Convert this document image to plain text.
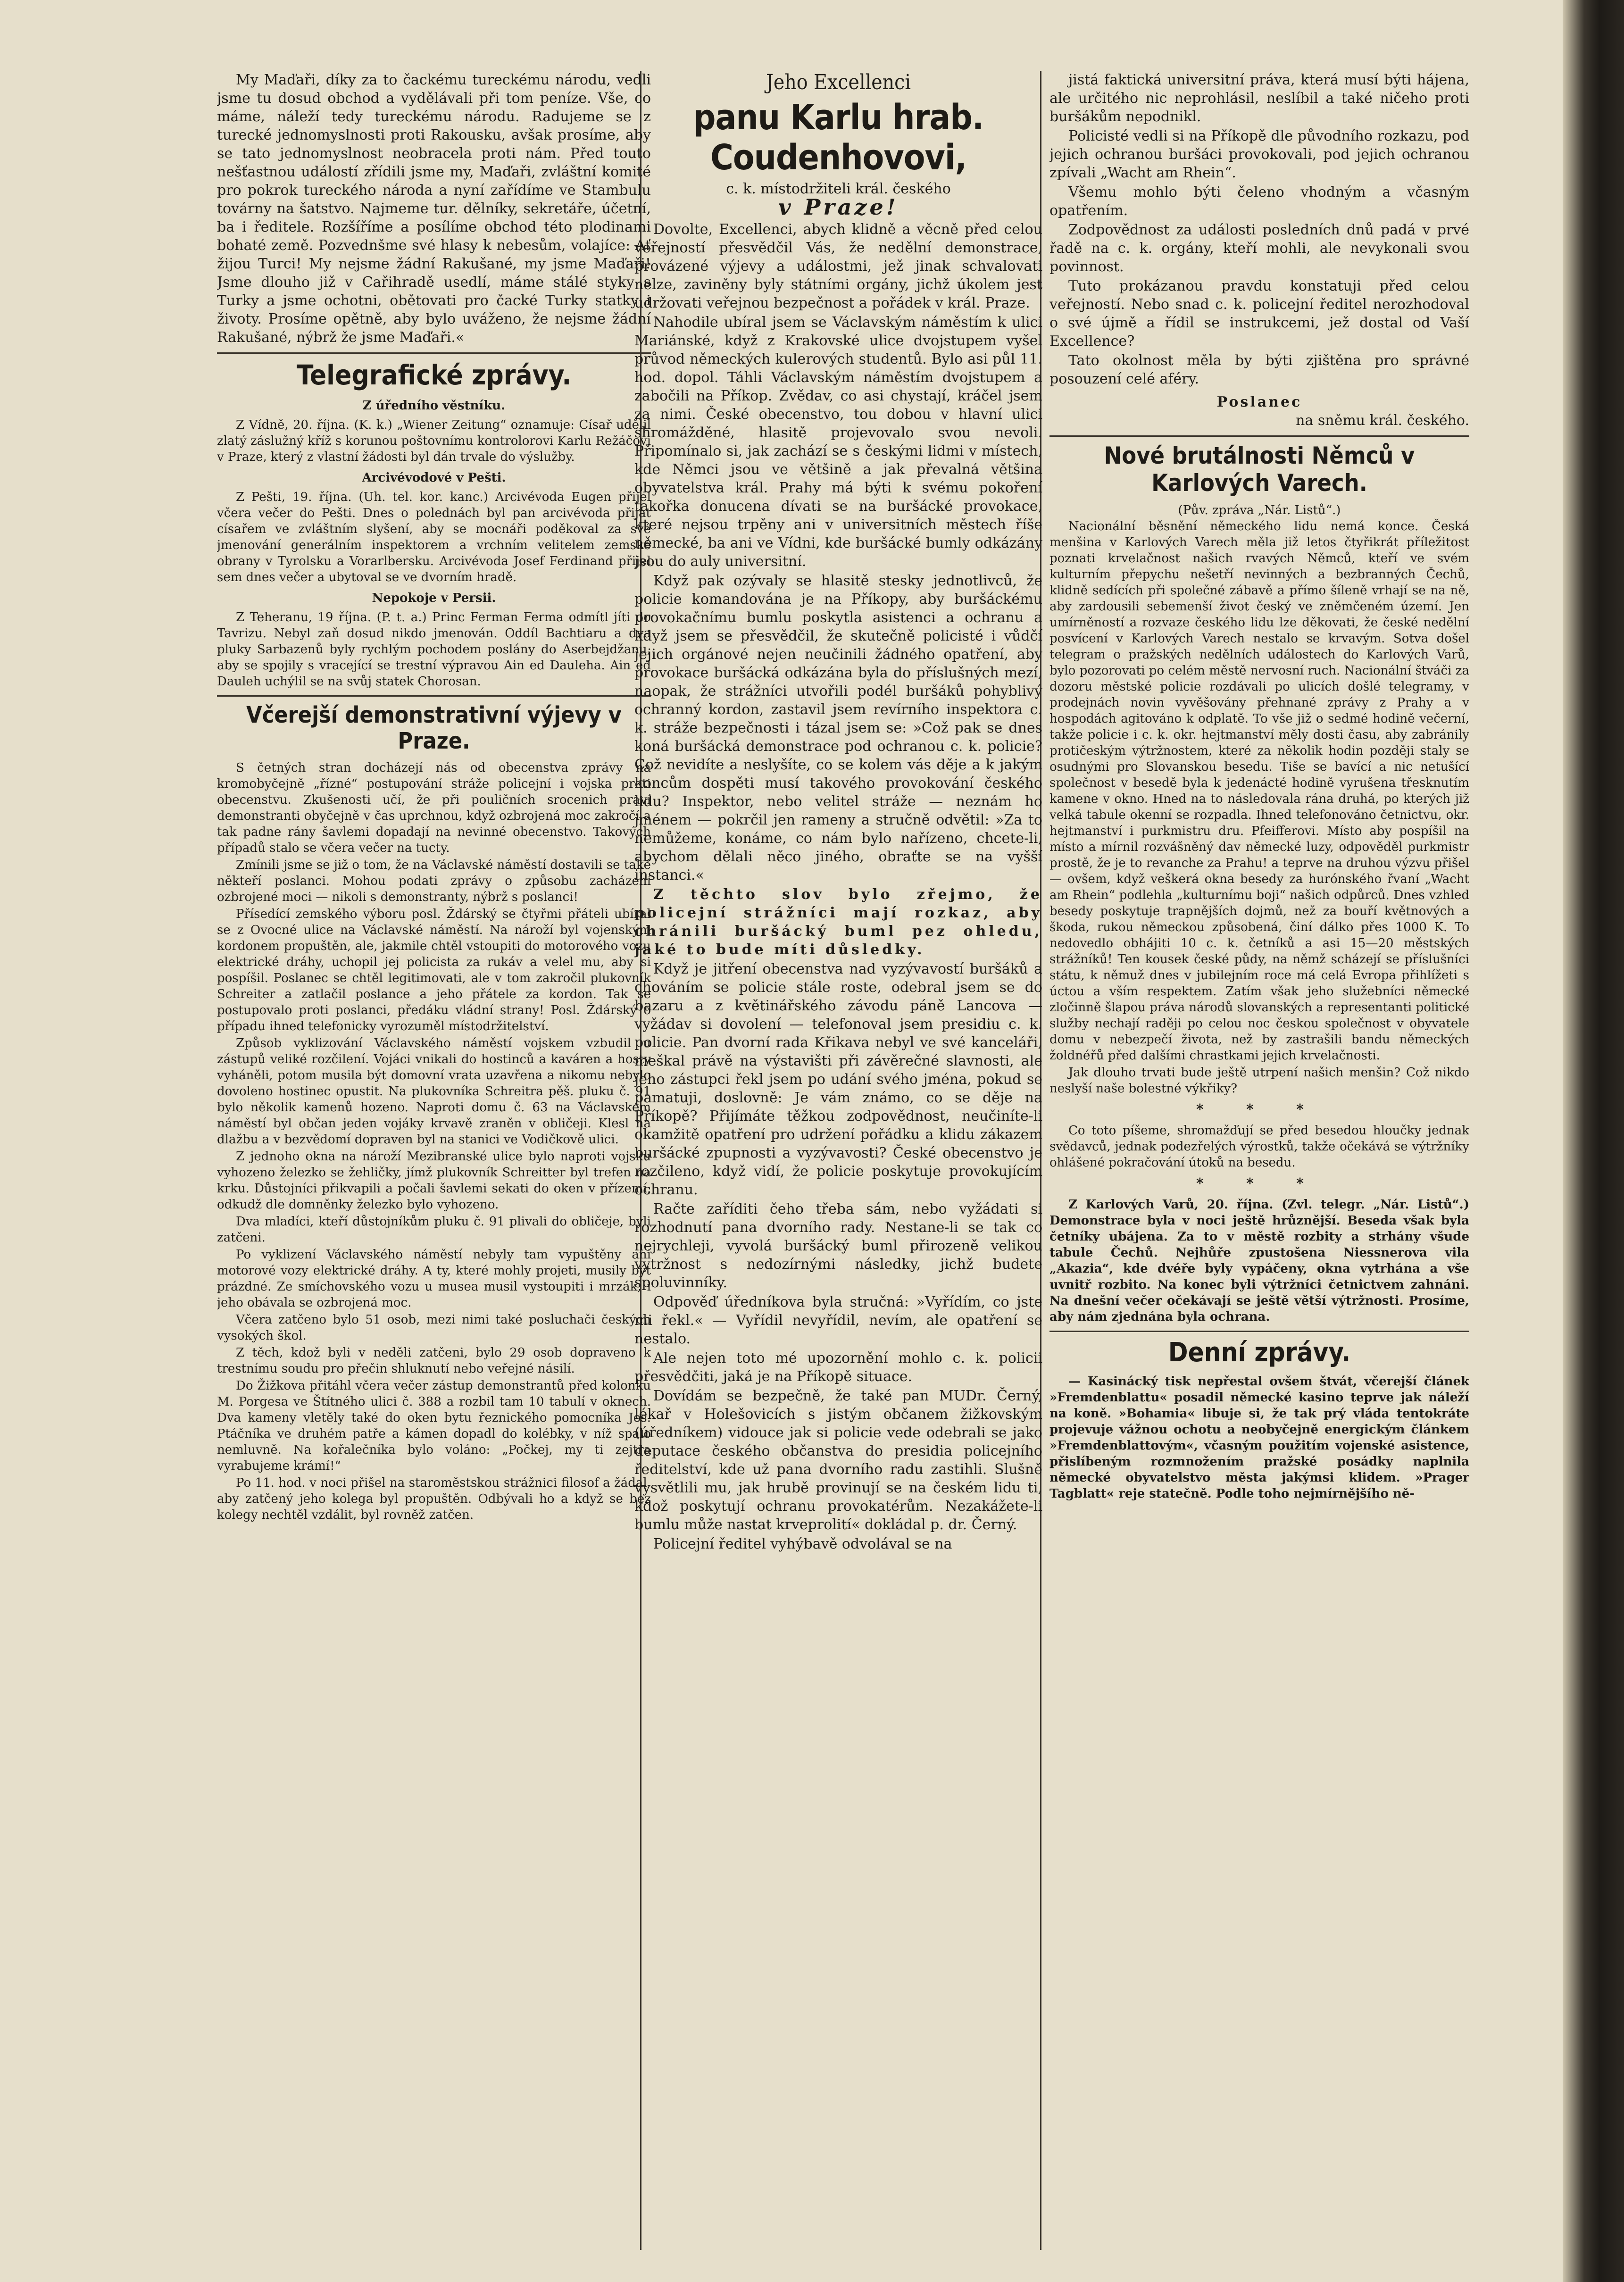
My Maďaři, díky za to čackému tureckému národu, vedli jsme tu dosud obchod a vydělávali při tom peníze. Vše, co máme, náleží tedy tureckému národu. Radujeme se z turecké jednomyslnosti proti Rakousku, avšak prosíme, aby se tato jednomyslnost neobracela proti nám. Před touto nešťastnou událostí zřídili jsme my, Maďaři, zvláštní komité pro pokrok tureckého národa a nyní zařídíme ve Stambulu továrny na šatstvo. Najmeme tur. dělníky, sekretáře, účetní, ba i ředitele. Rozšíříme a posílíme obchod této plodinami bohaté země. Pozvednšme své hlasy k nebesům, volajíce: Ať žijou Turci! My nejsme žádní Rakušané, my jsme Maďaři! Jsme dlouho již v Cařihradě usedlí, máme stálé styky s Turky a jsme ochotni, obětovati pro čacké Turky statky i životy. Prosíme opětně, aby bylo uváženo, že nejsme žádní Rakušané, nýbrž že jsme Maďaři.«

Telegrafické zprávy.
Z úředního věstníku.

Z Vídně, 20. října. (K. k.) „Wiener Zeitung“ oznamuje: Císař udělil zlatý záslužný kříž s korunou poštovnímu kontrolorovi Karlu Režáčovi v Praze, který z vlastní žádosti byl dán trvale do výslužby.

Arcivévodové v Pešti.

Z Pešti, 19. října. (Uh. tel. kor. kanc.) Arcivévoda Eugen přijel včera večer do Pešti. Dnes o polednách byl pan arcivévoda přijat císařem ve zvláštním slyšení, aby se mocnáři poděkoval za své jmenování generálním inspektorem a vrchním velitelem zemské obrany v Tyrolsku a Vorarlbersku. Arcivévoda Josef Ferdinand přijel sem dnes večer a ubytoval se ve dvorním hradě.

Nepokoje v Persii.

Z Teheranu, 19 října. (P. t. a.) Princ Ferman Ferma odmítl jíti do Tavrizu. Nebyl zaň dosud nikdo jmenován. Oddíl Bachtiaru a dva pluky Sarbazenů byly rychlým pochodem poslány do Aserbejdžanu, aby se spojily s vracející se trestní výpravou Ain ed Dauleha. Ain ed Dauleh uchýlil se na svůj statek Chorosan.

Včerejší demonstrativní výjevy v Praze.

S četných stran docházejí nás od obecenstva zprávy na kromobyčejně „řízné“ postupování stráže policejní i vojska proti obecenstvu. Zkušenosti učí, že při pouličních srocenich praví demonstranti obyčejně v čas uprchnou, když ozbrojená moc zakročí a tak padne rány šavlemi dopadají na nevinné obecenstvo. Takových případů stalo se včera večer na tucty.

Zmínili jsme se již o tom, že na Václavské náměstí dostavili se také někteří poslanci. Mohou podati zprávy o způsobu zacházení ozbrojené moci — nikoli s demonstranty, nýbrž s poslanci!

Přísedící zemského výboru posl. Ždárský se čtyřmi přáteli ubíral se z Ovocné ulice na Václavské náměstí. Na nároží byl vojenským kordonem propuštěn, ale, jakmile chtěl vstoupiti do motorového vozu elektrické dráhy, uchopil jej policista za rukáv a velel mu, aby si pospíšil. Poslanec se chtěl legitimovati, ale v tom zakročil plukovník Schreiter a zatlačil poslance a jeho přátele za kordon. Tak se postupovalo proti poslanci, předáku vládní strany! Posl. Ždárský o případu ihned telefonicky vyrozuměl místodržitelství.

Způsob vyklizování Václavského náměstí vojskem vzbudil u zástupů veliké rozčilení. Vojáci vnikali do hostinců a kaváren a hosty vyháněli, potom musila být domovní vrata uzavřena a nikomu nebylo dovoleno hostinec opustit. Na plukovníka Schreitra pěš. pluku č. 91 bylo několik kamenů hozeno. Naproti domu č. 63 na Václavském náměstí byl občan jeden vojáky krvavě zraněn v obličeji. Klesl na dlažbu a v bezvědomí dopraven byl na stanici ve Vodičkově ulici.

Z jednoho okna na nároží Mezibranské ulice bylo naproti vojsku vyhozeno železko se žehličky, jímž plukovník Schreitter byl trefen na krku. Důstojníci přikvapili a počali šavlemi sekati do oken v přízemí, odkudž dle domněnky železko bylo vyhozeno.

Dva mladíci, kteří důstojníkům pluku č. 91 plivali do obličeje, byli zatčeni.

Po vyklizení Václavského náměstí nebyly tam vypuštěny ani motorové vozy elektrické dráhy. A ty, které mohly projeti, musily být prázdné. Ze smíchovského vozu u musea musil vystoupiti i mrzák; i jeho obávala se ozbrojená moc.

Včera zatčeno bylo 51 osob, mezi nimi také posluchači českých vysokých škol.

Z těch, kdož byli v neděli zatčeni, bylo 29 osob dopraveno k trestnímu soudu pro přečin shluknutí nebo veřejné násilí.

Do Žižkova přitáhl včera večer zástup demonstrantů před kolonku M. Porgesa ve Štítného ulici č. 388 a rozbil tam 10 tabulí v oknech. Dva kameny vletěly také do oken bytu řeznického pomocníka Jos. Ptáčníka ve druhém patře a kámen dopadl do kolébky, v níž spalo nemluvně. Na kořalečníka bylo voláno: „Počkej, my ti zejtra vyrabujeme krámí!“

Po 11. hod. v noci přišel na staroměstskou strážnici filosof a žádal, aby zatčený jeho kolega byl propuštěn. Odbývali ho a když se bez kolegy nechtěl vzdálit, byl rovněž zatčen.

Jeho Excellenci
panu Karlu hrab. Coudenhovovi,
c. k. místodržiteli král. českého
v Praze!

Dovolte, Excellenci, abych klidně a věcně před celou veřejností přesvědčil Vás, že nedělní demonstrace, provázené výjevy a událostmi, jež jinak schvalovati nelze, zaviněny byly státními orgány, jichž úkolem jest udržovati veřejnou bezpečnost a pořádek v král. Praze.

Nahodile ubíral jsem se Václavským náměstím k ulici Mariánské, když z Krakovské ulice dvojstupem vyšel průvod německých kulerových studentů. Bylo asi půl 11. hod. dopol. Táhli Václavským náměstím dvojstupem a zabočili na Příkop. Zvědav, co asi chystají, kráčel jsem za nimi. České obecenstvo, tou dobou v hlavní ulici shromážděné, hlasitě projevovalo svou nevoli. Připomínalo si, jak zachází se s českými lidmi v místech, kde Němci jsou ve většině a jak převalná většina obyvatelstva král. Prahy má býti k svému pokoření takořka donucena dívati se na buršácké provokace, které nejsou trpěny ani v universitních městech říše německé, ba ani ve Vídni, kde buršácké bumly odkázány jsou do auly universitní.

Když pak ozývaly se hlasitě stesky jednotlivců, že policie komandována je na Příkopy, aby buršáckému provokačnímu bumlu poskytla asistenci a ochranu a když jsem se přesvědčil, že skutečně policisté i vůdčí jejich orgánové nejen neučinili žádného opatření, aby provokace buršácká odkázána byla do příslušných mezí, naopak, že strážníci utvořili podél buršáků pohyblivý ochranný kordon, zastavil jsem revírního inspektora c. k. stráže bezpečnosti i tázal jsem se: »Což pak se dnes koná buršácká demonstrace pod ochranou c. k. policie? Což nevidíte a neslyšíte, co se kolem vás děje a k jakým koncům dospěti musí takového provokování českého lidu? Inspektor, nebo velitel stráže — neznám ho jménem — pokrčil jen rameny a stručně odvětil: »Za to nemůžeme, konáme, co nám bylo nařízeno, chcete-li, abychom dělali něco jiného, obraťte se na vyšší instanci.«

Z těchto slov bylo zřejmo, že policejní strážníci mají rozkaz, aby chránili buršácký buml pez ohledu, jaké to bude míti důsledky.

Když je jitření obecenstva nad vyzývavostí buršáků a chováním se policie stále roste, odebral jsem se do bazaru a z květinářského závodu páně Lancova — vyžádav si dovolení — telefonoval jsem presidiu c. k. policie. Pan dvorní rada Křikava nebyl ve své kanceláři, meškal právě na výstavišti při závěrečné slavnosti, ale jeho zástupci řekl jsem po udání svého jména, pokud se pamatuji, doslovně: Je vám známo, co se děje na Příkopě? Přijímáte těžkou zodpovědnost, neučiníte-li okamžitě opatření pro udržení pořádku a klidu zákazem buršácké zpupnosti a vyzývavosti? České obecenstvo je rozčileno, když vidí, že policie poskytuje provokujícím ochranu.

Račte zaříditi čeho třeba sám, nebo vyžádati si rozhodnutí pana dvorního rady. Nestane-li se tak co nejrychleji, vyvolá buršácký buml přirozeně velikou vytržnost s nedozírnými následky, jichž budete spoluvinníky.

Odpověď úředníkova byla stručná: »Vyřídím, co jste mi řekl.« — Vyřídil nevyřídil, nevím, ale opatření se nestalo.

Ale nejen toto mé upozornění mohlo c. k. policii přesvědčiti, jaká je na Příkopě situace.

Dovídám se bezpečně, že také pan MUDr. Černý, lékař v Holešovicích s jistým občanem žižkovským (úředníkem) vidouce jak si policie vede odebrali se jako deputace českého občanstva do presidia policejního ředitelství, kde už pana dvorního radu zastihli. Slušně vysvětlili mu, jak hrubě provinují se na českém lidu ti, kdož poskytují ochranu provokatérům. Nezakážete-li bumlu může nastat krveprolití« dokládal p. dr. Černý.

Policejní ředitel vyhýbavě odvolával se na

jistá faktická universitní práva, která musí býti hájena, ale určitého nic neprohlásil, neslíbil a také ničeho proti buršákům nepodnikl.

Policisté vedli si na Příkopě dle původního rozkazu, pod jejich ochranou buršáci provokovali, pod jejich ochranou zpívali „Wacht am Rhein“.

Všemu mohlo býti čeleno vhodným a včasným opatřením.

Zodpovědnost za události posledních dnů padá v prvé řadě na c. k. orgány, kteří mohli, ale nevykonali svou povinnost.

Tuto prokázanou pravdu konstatuji před celou veřejností. Nebo snad c. k. policejní ředitel nerozhodoval o své újmě a řídil se instrukcemi, jež dostal od Vaší Excellence?

Tato okolnost měla by býti zjištěna pro správné posouzení celé aféry.

Poslanec
na sněmu král. českého.
Nové brutálnosti Němců v Karlových Varech.
(Pův. zpráva „Nár. Listů“.)

Nacionální běsnění německého lidu nemá konce. Česká menšina v Karlových Varech měla již letos čtyřikrát příležitost poznati krvelačnost našich rvavých Němců, kteří ve svém kulturním přepychu nešetří nevinných a bezbranných Čechů, klidně sedících při společné zábavě a přímo šíleně vrhají se na ně, aby zardousili sebemenší život český ve zněmčeném území. Jen umírněností a rozvaze českého lidu lze děkovati, že české nedělní posvícení v Karlových Varech nestalo se krvavým. Sotva došel telegram o pražských nedělních událostech do Karlových Varů, bylo pozorovati po celém městě nervosní ruch. Nacionální štváči za dozoru městské policie rozdávali po ulicích došlé telegramy, v prodejnách novin vyvěšovány přehnané zprávy z Prahy a v hospodách agitováno k odplatě. To vše již o sedmé hodině večerní, takže policie i c. k. okr. hejtmanství měly dosti času, aby zabránily protičeským výtržnostem, které za několik hodin později staly se osudnými pro Slovanskou besedu. Tiše se bavící a nic netušící společnost v besedě byla k jedenácté hodině vyrušena třesknutím kamene v okno. Hned na to následovala rána druhá, po kterých již velká tabule okenní se rozpadla. Ihned telefonováno četnictvu, okr. hejtmanství i purkmistru dru. Pfeifferovi. Místo aby pospíšil na místo a mírnil rozvášněný dav německé luzy, odpověděl purkmistr prostě, že je to revanche za Prahu! a teprve na druhou výzvu přišel — ovšem, když veškerá okna besedy za hurónského řvaní „Wacht am Rhein“ podlehla „kulturnímu boji“ našich odpůrců. Dnes vzhled besedy poskytuje trapnějších dojmů, než za bouří květnových a škoda, rukou německou způsobená, činí dálko přes 1000 K. To nedovedlo obhájiti 10 c. k. četníků a asi 15—20 městských strážníků! Ten kousek české půdy, na němž scházejí se příslušníci státu, k němuž dnes v jubilejním roce má celá Evropa přihlížeti s úctou a vším respektem. Zatím však jeho služebníci německé zločinně šlapou práva národů slovanských a representanti politické služby nechají raději po celou noc českou společnost v obyvatele domu v nebezpečí života, než by zastrašili bandu německých žoldnéřů před dalšími chrastkami jejich krvelačnosti.

Jak dlouho trvati bude ještě utrpení našich menšin? Což nikdo neslyší naše bolestné výkřiky?

* * *

Co toto píšeme, shromažďují se před besedou hloučky jednak svědavců, jednak podezřelých výrostků, takže očekává se výtržníky ohlášené pokračování útoků na besedu.

* * *

Z Karlových Varů, 20. října. (Zvl. telegr. „Nár. Listů“.) Demonstrace byla v noci ještě hrůznější. Beseda však byla četníky ubájena. Za to v městě rozbity a strhány všude tabule Čechů. Nejhůře zpustošena Niessnerova vila „Akazia“, kde dvéře byly vypáčeny, okna vytrhána a vše uvnitř rozbito. Na konec byli výtržníci četnictvem zahnáni. Na dnešní večer očekávají se ještě větší výtržnosti. Prosíme, aby nám zjednána byla ochrana.

Denní zprávy.

— Kasinácký tisk nepřestal ovšem štvát, včerejší článek »Fremdenblattu« posadil německé kasino teprve jak náleží na koně. »Bohamia« libuje si, že tak prý vláda tentokráte projevuje vážnou ochotu a neobyčejně energickým článkem »Fremdenblattovým«, včasným použitím vojenské asistence, přislíbeným rozmnožením pražské posádky naplnila německé obyvatelstvo města jakýmsi klidem. »Prager Tagblatt« reje statečně. Podle toho nejmírnějšího ně-
